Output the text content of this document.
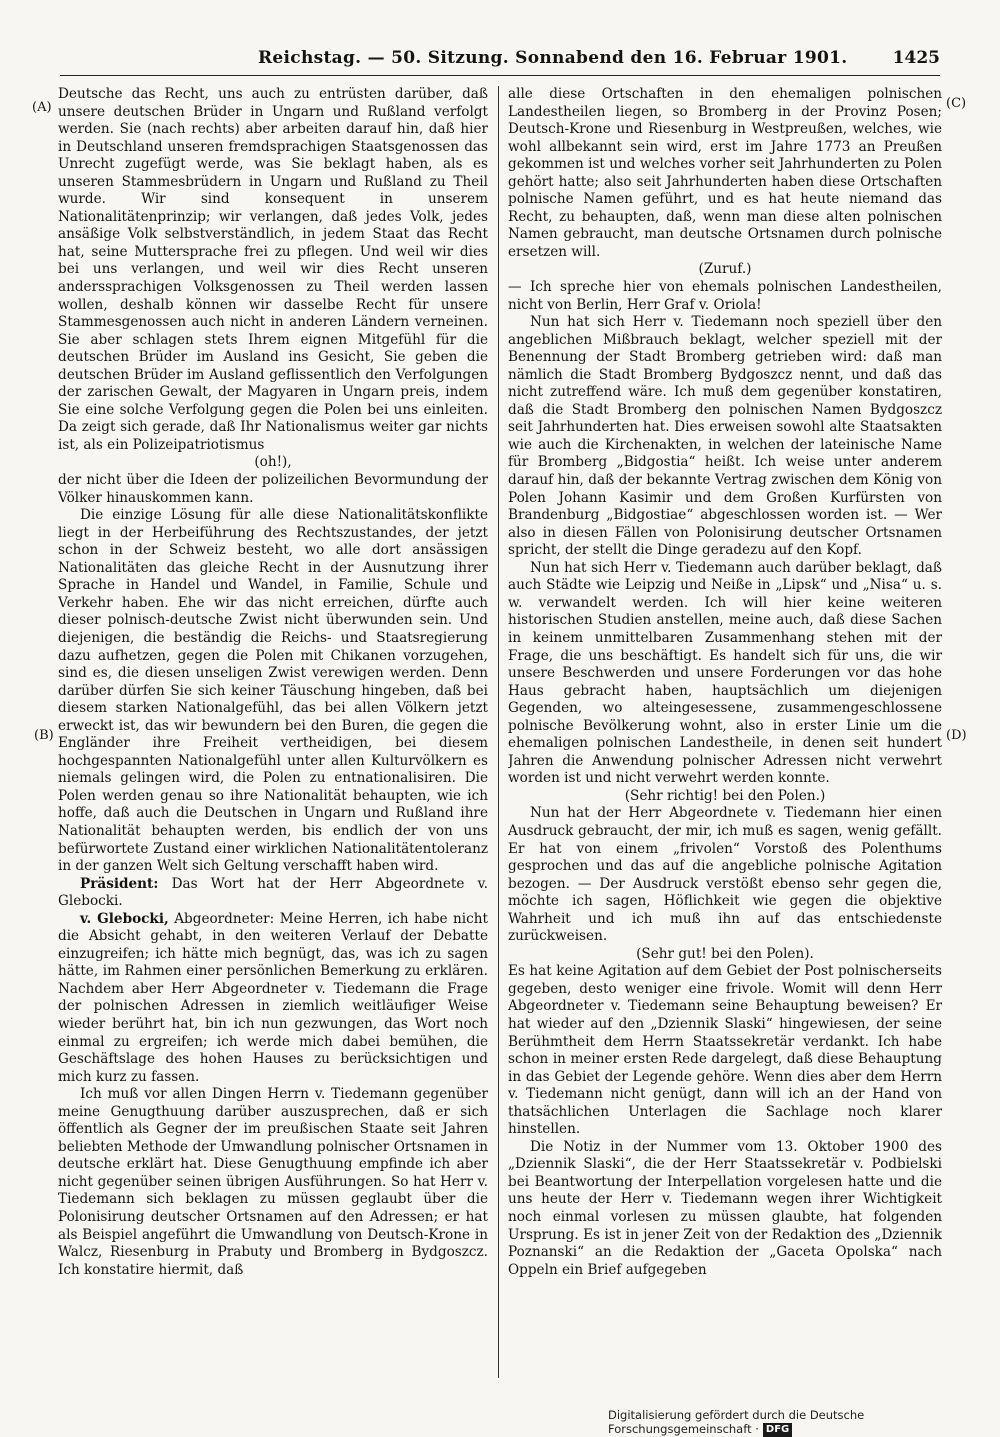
Reichstag. — 50. Sitzung. Sonnabend den 16. Februar 1901.	1425
(A)
(B)
(C)
(D)

Deutsche das Recht, uns auch zu entrüsten darüber, daß unsere deutschen Brüder in Ungarn und Rußland verfolgt werden. Sie (nach rechts) aber arbeiten darauf hin, daß hier in Deutschland unseren fremdsprachigen Staatsgenossen das Unrecht zugefügt werde, was Sie beklagt haben, als es unseren Stammesbrüdern in Ungarn und Rußland zu Theil wurde. Wir sind konsequent in unserem Nationalitätenprinzip; wir verlangen, daß jedes Volk, jedes ansäßige Volk selbstverständlich, in jedem Staat das Recht hat, seine Muttersprache frei zu pflegen. Und weil wir dies bei uns verlangen, und weil wir dies Recht unseren anderssprachigen Volksgenossen zu Theil werden lassen wollen, deshalb können wir dasselbe Recht für unsere Stammesgenossen auch nicht in anderen Ländern verneinen. Sie aber schlagen stets Ihrem eignen Mitgefühl für die deutschen Brüder im Ausland ins Gesicht, Sie geben die deutschen Brüder im Ausland geflissentlich den Verfolgungen der zarischen Gewalt, der Magyaren in Ungarn preis, indem Sie eine solche Verfolgung gegen die Polen bei uns einleiten. Da zeigt sich gerade, daß Ihr Nationalismus weiter gar nichts ist, als ein Polizeipatriotismus

(oh!),

der nicht über die Ideen der polizeilichen Bevormundung der Völker hinauskommen kann.

Die einzige Lösung für alle diese Nationalitätskonflikte liegt in der Herbeiführung des Rechtszustandes, der jetzt schon in der Schweiz besteht, wo alle dort ansässigen Nationalitäten das gleiche Recht in der Ausnutzung ihrer Sprache in Handel und Wandel, in Familie, Schule und Verkehr haben. Ehe wir das nicht erreichen, dürfte auch dieser polnisch-deutsche Zwist nicht überwunden sein. Und diejenigen, die beständig die Reichs- und Staatsregierung dazu aufhetzen, gegen die Polen mit Chikanen vorzugehen, sind es, die diesen unseligen Zwist verewigen werden. Denn darüber dürfen Sie sich keiner Täuschung hingeben, daß bei diesem starken Nationalgefühl, das bei allen Völkern jetzt erweckt ist, das wir bewundern bei den Buren, die gegen die Engländer ihre Freiheit vertheidigen, bei diesem hochgespannten Nationalgefühl unter allen Kulturvölkern es niemals gelingen wird, die Polen zu entnationalisiren. Die Polen werden genau so ihre Nationalität behaupten, wie ich hoffe, daß auch die Deutschen in Ungarn und Rußland ihre Nationalität behaupten werden, bis endlich der von uns befürwortete Zustand einer wirklichen Nationalitätentoleranz in der ganzen Welt sich Geltung verschafft haben wird.

Präsident: Das Wort hat der Herr Abgeordnete v. Glebocki.

v. Glebocki, Abgeordneter: Meine Herren, ich habe nicht die Absicht gehabt, in den weiteren Verlauf der Debatte einzugreifen; ich hätte mich begnügt, das, was ich zu sagen hätte, im Rahmen einer persönlichen Bemerkung zu erklären. Nachdem aber Herr Abgeordneter v. Tiedemann die Frage der polnischen Adressen in ziemlich weitläufiger Weise wieder berührt hat, bin ich nun gezwungen, das Wort noch einmal zu ergreifen; ich werde mich dabei bemühen, die Geschäftslage des hohen Hauses zu berücksichtigen und mich kurz zu fassen.

Ich muß vor allen Dingen Herrn v. Tiedemann gegenüber meine Genugthuung darüber auszusprechen, daß er sich öffentlich als Gegner der im preußischen Staate seit Jahren beliebten Methode der Umwandlung polnischer Ortsnamen in deutsche erklärt hat. Diese Genugthuung empfinde ich aber nicht gegenüber seinen übrigen Ausführungen. So hat Herr v. Tiedemann sich beklagen zu müssen geglaubt über die Polonisirung deutscher Ortsnamen auf den Adressen; er hat als Beispiel angeführt die Umwandlung von Deutsch-Krone in Walcz, Riesenburg in Prabuty und Bromberg in Bydgoszcz. Ich konstatire hiermit, daß

alle diese Ortschaften in den ehemaligen polnischen Landestheilen liegen, so Bromberg in der Provinz Posen; Deutsch-Krone und Riesenburg in Westpreußen, welches, wie wohl allbekannt sein wird, erst im Jahre 1773 an Preußen gekommen ist und welches vorher seit Jahrhunderten zu Polen gehört hatte; also seit Jahrhunderten haben diese Ortschaften polnische Namen geführt, und es hat heute niemand das Recht, zu behaupten, daß, wenn man diese alten polnischen Namen gebraucht, man deutsche Ortsnamen durch polnische ersetzen will.

(Zuruf.)

— Ich spreche hier von ehemals polnischen Landestheilen, nicht von Berlin, Herr Graf v. Oriola!

Nun hat sich Herr v. Tiedemann noch speziell über den angeblichen Mißbrauch beklagt, welcher speziell mit der Benennung der Stadt Bromberg getrieben wird: daß man nämlich die Stadt Bromberg Bydgoszcz nennt, und daß das nicht zutreffend wäre. Ich muß dem gegenüber konstatiren, daß die Stadt Bromberg den polnischen Namen Bydgoszcz seit Jahrhunderten hat. Dies erweisen sowohl alte Staatsakten wie auch die Kirchenakten, in welchen der lateinische Name für Bromberg „Bidgostia“ heißt. Ich weise unter anderem darauf hin, daß der bekannte Vertrag zwischen dem König von Polen Johann Kasimir und dem Großen Kurfürsten von Brandenburg „Bidgostiae“ abgeschlossen worden ist. — Wer also in diesen Fällen von Polonisirung deutscher Ortsnamen spricht, der stellt die Dinge geradezu auf den Kopf.

Nun hat sich Herr v. Tiedemann auch darüber beklagt, daß auch Städte wie Leipzig und Neiße in „Lipsk“ und „Nisa“ u. s. w. verwandelt werden. Ich will hier keine weiteren historischen Studien anstellen, meine auch, daß diese Sachen in keinem unmittelbaren Zusammenhang stehen mit der Frage, die uns beschäftigt. Es handelt sich für uns, die wir unsere Beschwerden und unsere Forderungen vor das hohe Haus gebracht haben, hauptsächlich um diejenigen Gegenden, wo alteingesessene, zusammengeschlossene polnische Bevölkerung wohnt, also in erster Linie um die ehemaligen polnischen Landestheile, in denen seit hundert Jahren die Anwendung polnischer Adressen nicht verwehrt worden ist und nicht verwehrt werden konnte.

(Sehr richtig! bei den Polen.)

Nun hat der Herr Abgeordnete v. Tiedemann hier einen Ausdruck gebraucht, der mir, ich muß es sagen, wenig gefällt. Er hat von einem „frivolen“ Vorstoß des Polenthums gesprochen und das auf die angebliche polnische Agitation bezogen. — Der Ausdruck verstößt ebenso sehr gegen die, möchte ich sagen, Höflichkeit wie gegen die objektive Wahrheit und ich muß ihn auf das entschiedenste zurückweisen.

(Sehr gut! bei den Polen).

Es hat keine Agitation auf dem Gebiet der Post polnischerseits gegeben, desto weniger eine frivole. Womit will denn Herr Abgeordneter v. Tiedemann seine Behauptung beweisen? Er hat wieder auf den „Dziennik Slaski“ hingewiesen, der seine Berühmtheit dem Herrn Staatssekretär verdankt. Ich habe schon in meiner ersten Rede dargelegt, daß diese Behauptung in das Gebiet der Legende gehöre. Wenn dies aber dem Herrn v. Tiedemann nicht genügt, dann will ich an der Hand von thatsächlichen Unterlagen die Sachlage noch klarer hinstellen.

Die Notiz in der Nummer vom 13. Oktober 1900 des „Dziennik Slaski“, die der Herr Staatssekretär v. Podbielski bei Beantwortung der Interpellation vorgelesen hatte und die uns heute der Herr v. Tiedemann wegen ihrer Wichtigkeit noch einmal vorlesen zu müssen glaubte, hat folgenden Ursprung. Es ist in jener Zeit von der Redaktion des „Dziennik Poznanski“ an die Redaktion der „Gaceta Opolska“ nach Oppeln ein Brief aufgegeben

Digitalisierung gefördert durch die Deutsche Forschungsgemeinschaft · DFG
